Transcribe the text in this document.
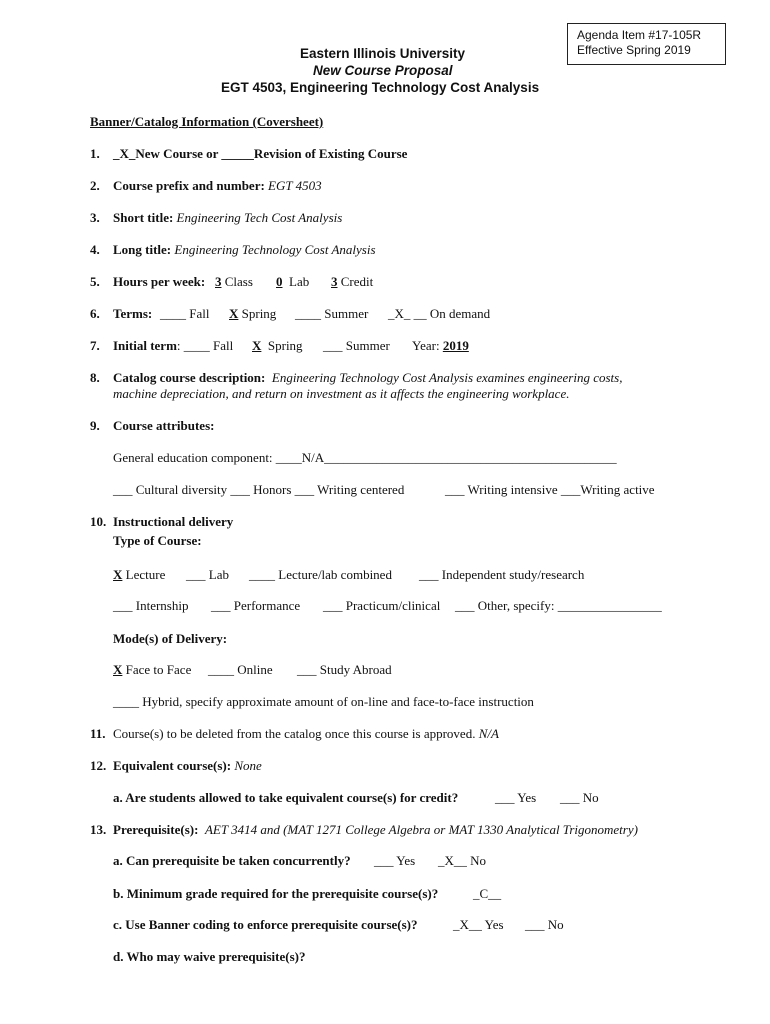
Agenda Item #17-105R
Effective Spring 2019
Eastern Illinois University
New Course Proposal
EGT 4503, Engineering Technology Cost Analysis
Banner/Catalog Information (Coversheet)
1. _X_New Course or _____Revision of Existing Course
2. Course prefix and number: EGT 4503
3. Short title: Engineering Tech Cost Analysis
4. Long title: Engineering Technology Cost Analysis
5. Hours per week: 3 Class 0 Lab 3 Credit
6. Terms: ____ Fall X Spring ____ Summer _X_ __ On demand
7. Initial term: ____ Fall X Spring ___ Summer Year: 2019
8. Catalog course description: Engineering Technology Cost Analysis examines engineering costs,
machine depreciation, and return on investment as it affects the engineering workplace.
9. Course attributes:
General education component: ____N/A_____________________________________________
___ Cultural diversity ___ Honors ___ Writing centered	___ Writing intensive ___Writing active
10. Instructional delivery
Type of Course:
X Lecture ___ Lab ____ Lecture/lab combined ___ Independent study/research
___ Internship ___ Performance ___ Practicum/clinical ___ Other, specify: ________________
Mode(s) of Delivery:
X Face to Face ____ Online ___ Study Abroad
____ Hybrid, specify approximate amount of on-line and face-to-face instruction
11. Course(s) to be deleted from the catalog once this course is approved. N/A
12. Equivalent course(s): None
a. Are students allowed to take equivalent course(s) for credit?	___ Yes ___ No
13. Prerequisite(s): AET 3414 and (MAT 1271 College Algebra or MAT 1330 Analytical Trigonometry)
a. Can prerequisite be taken concurrently? ___ Yes _X__ No
b. Minimum grade required for the prerequisite course(s)?	_C__
c. Use Banner coding to enforce prerequisite course(s)?	_X__ Yes ___ No
d. Who may waive prerequisite(s)?
